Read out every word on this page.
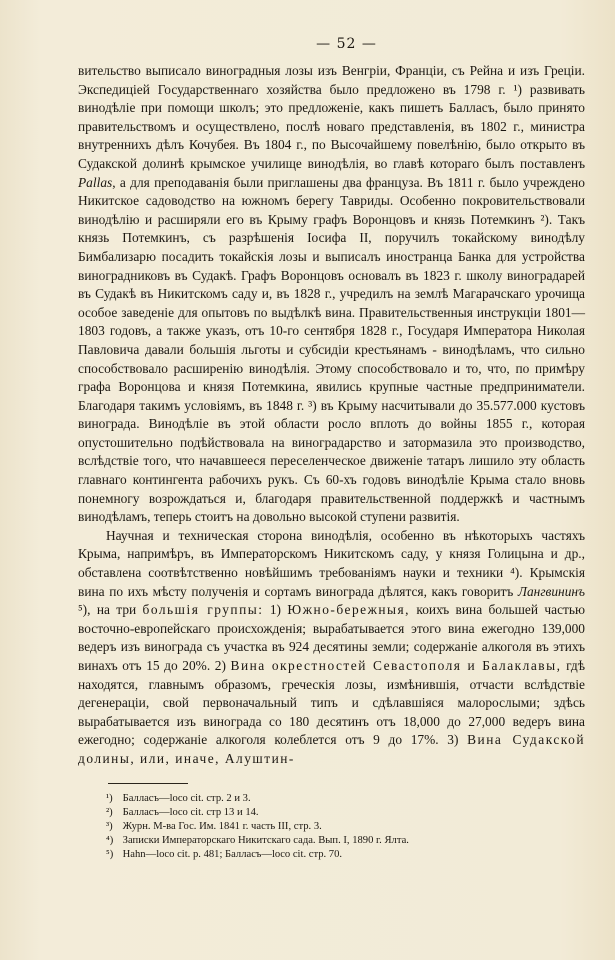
— 52 —

вительство выписало виноградныя лозы изъ Венгріи, Франціи, съ Рейна и изъ Греціи. Экспедиціей Государственнаго хозяйства было предложено въ 1798 г. ¹) развивать винодѣліе при помощи школъ; это предложеніе, какъ пишетъ Балласъ, было принято правительствомъ и осуществлено, послѣ новаго представленія, въ 1802 г., министра внутреннихъ дѣлъ Кочубея. Въ 1804 г., по Высочайшему повелѣнію, было открыто въ Судакской долинѣ крымское училище винодѣлія, во главѣ котораго былъ поставленъ Pallas, а для преподаванія были приглашены два француза. Въ 1811 г. было учреждено Никитское садоводство на южномъ берегу Тавриды. Особенно покровительствовали винодѣлію и расширяли его въ Крыму графъ Воронцовъ и князь Потемкинъ ²). Такъ князь Потемкинъ, съ разрѣшенія Іосифа II, поручилъ токайскому винодѣлу Бимбализарю посадить токайскія лозы и выписалъ иностранца Банка для устройства виноградниковъ въ Судакѣ. Графъ Воронцовъ основалъ въ 1823 г. школу виноградарей въ Судакѣ въ Никитскомъ саду и, въ 1828 г., учредилъ на землѣ Магарачскаго урочища особое заведеніе для опытовъ по выдѣлкѣ вина. Правительственныя инструкціи 1801—1803 годовъ, а также указъ, отъ 10-го сентября 1828 г., Государя Императора Николая Павловича давали большія льготы и субсидіи крестьянамъ - винодѣламъ, что сильно способствовало расширенію винодѣлія. Этому способствовало и то, что, по примѣру графа Воронцова и князя Потемкина, явились крупные частные предприниматели. Благодаря такимъ условіямъ, въ 1848 г. ³) въ Крыму насчитывали до 35.577.000 кустовъ винограда. Винодѣліе въ этой области росло вплоть до войны 1855 г., которая опустошительно подѣйствовала на виноградарство и затормазила это производство, вслѣдствіе того, что начавшееся переселенческое движеніе татаръ лишило эту область главнаго контингента рабочихъ рукъ. Съ 60-хъ годовъ винодѣліе Крыма стало вновь понемногу возрождаться и, благодаря правительственной поддержкѣ и частнымъ винодѣламъ, теперь стоитъ на довольно высокой ступени развитія.

Научная и техническая сторона винодѣлія, особенно въ нѣкоторыхъ частяхъ Крыма, напримѣръ, въ Императорскомъ Никитскомъ саду, у князя Голицына и др., обставлена соотвѣтственно новѣйшимъ требованіямъ науки и техники ⁴). Крымскія вина по ихъ мѣсту полученія и сортамъ винограда дѣлятся, какъ говоритъ Лангвининъ ⁵), на три большія группы: 1) Южно-бережныя, коихъ вина большей частью восточно-европейскаго происхожденія; вырабатывается этого вина ежегодно 139,000 ведеръ изъ винограда съ участка въ 924 десятины земли; содержаніе алкоголя въ этихъ винахъ отъ 15 до 20%. 2) Вина окрестностей Севастополя и Балаклавы, гдѣ находятся, главнымъ образомъ, греческія лозы, измѣнившія, отчасти вслѣдствіе дегенераціи, свой первоначальный типъ и сдѣлавшіяся малорослыми; здѣсь вырабатывается изъ винограда со 180 десятинъ отъ 18,000 до 27,000 ведеръ вина ежегодно; содержаніе алкоголя колеблется отъ 9 до 17%. 3) Вина Судакской долины, или, иначе, Алуштин-

¹) Балласъ—loco cit. стр. 2 и 3.
²) Балласъ—loco cit. стр 13 и 14.
³) Журн. М-ва Гос. Им. 1841 г. часть III, стр. 3.
⁴) Записки Императорскаго Никитскаго сада. Вып. I, 1890 г. Ялта.
⁵) Hahn—loco cit. p. 481; Балласъ—loco cit. стр. 70.
